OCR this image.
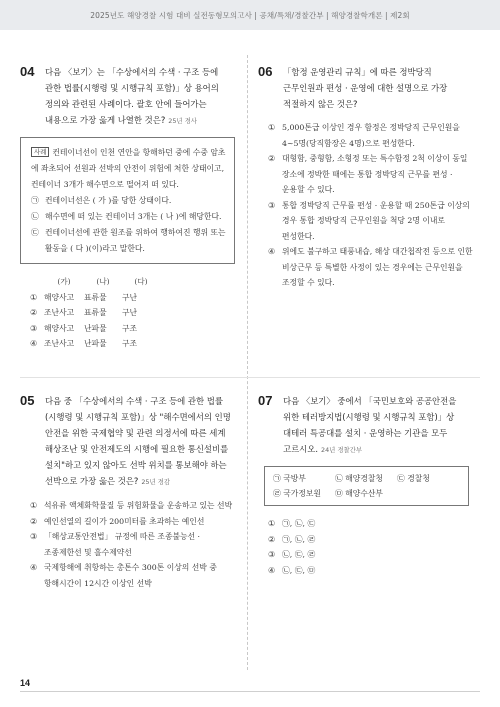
2025년도 해양경찰 시험 대비 실전동형모의고사 | 공채/특채/경찰간부 | 해양경찰학개론 | 제2회
04 다음 〈보기〉는 「수상에서의 수색 · 구조 등에 관한 법률(시행령 및 시행규칙 포함)」상 용어의 정의와 관련된 사례이다. 괄호 안에 들어가는 내용으로 가장 옳게 나열한 것은? 25년 경사
사례 컨테이너선이 인천 연안을 항해하던 중에 수중 암초에 좌초되어 선원과 선박의 안전이 위험에 처한 상태이고, 컨테이너 3개가 해수면으로 떨어져 떠 있다.
㉠ 컨테이너선은 ( 가 )를 당한 상태이다.
㉡ 해수면에 떠 있는 컨테이너 3개는 ( 나 )에 해당한다.
㉢ 컨테이너선에 관한 원조를 위하여 행하여진 행위 또는 활동을 ( 다 )(이)라고 말한다.
(가)	(나)	(다)
① 해양사고	표류물	구난
② 조난사고	표류물	구난
③ 해양사고	난파물	구조
④ 조난사고	난파물	구조
06 「함정 운영관리 규칙」에 따른 정박당직 근무인원과 편성 · 운영에 대한 설명으로 가장 적절하지 않은 것은?
① 5,000톤급 이상인 경우 함정은 정박당직 근무인원을 4~5명(당직함장은 4명)으로 편성한다.
② 대형함, 중형함, 소형정 또는 특수함정 2척 이상이 동일 장소에 정박한 때에는 통합 정박당직 근무를 편성 · 운용할 수 있다.
③ 통합 정박당직 근무를 편성 · 운용할 때 250톤급 이상의 경우 통합 정박당직 근무인원을 척당 2명 이내로 편성한다.
④ 위에도 불구하고 태풍내습, 해상 대간첩작전 등으로 인한 비상근무 등 특별한 사정이 있는 경우에는 근무인원을 조정할 수 있다.
05 다음 중 「수상에서의 수색 · 구조 등에 관한 법률(시행령 및 시행규칙 포함)」상 "해수면에서의 인명 안전을 위한 국제협약 및 관련 의정서에 따른 세계 해상조난 및 안전제도의 시행에 필요한 통신설비를 설치"하고 있지 않아도 선박 위치를 통보해야 하는 선박으로 가장 옳은 것은? 25년 경감
① 석유류 액체화학물질 등 위험화물을 운송하고 있는 선박
② 예인선열의 길이가 200미터를 초과하는 예인선
③ 「해상교통안전법」 규정에 따른 조종불능선 · 조종제한선 및 흘수제약선
④ 국제항해에 취항하는 총톤수 300톤 이상의 선박 중 항해시간이 12시간 이상인 선박
07 다음 〈보기〉 중에서 「국민보호와 공공안전을 위한 테러방지법(시행령 및 시행규칙 포함)」상 대테러 특공대를 설치 · 운영하는 기관을 모두 고르시오. 24년 경찰간부
㉠ 국방부	㉡ 해양경찰청	㉢ 경찰청
㉣ 국가정보원	㉤ 해양수산부
① ㉠, ㉡, ㉢
② ㉠, ㉡, ㉣
③ ㉡, ㉢, ㉣
④ ㉡, ㉢, ㉤
14
